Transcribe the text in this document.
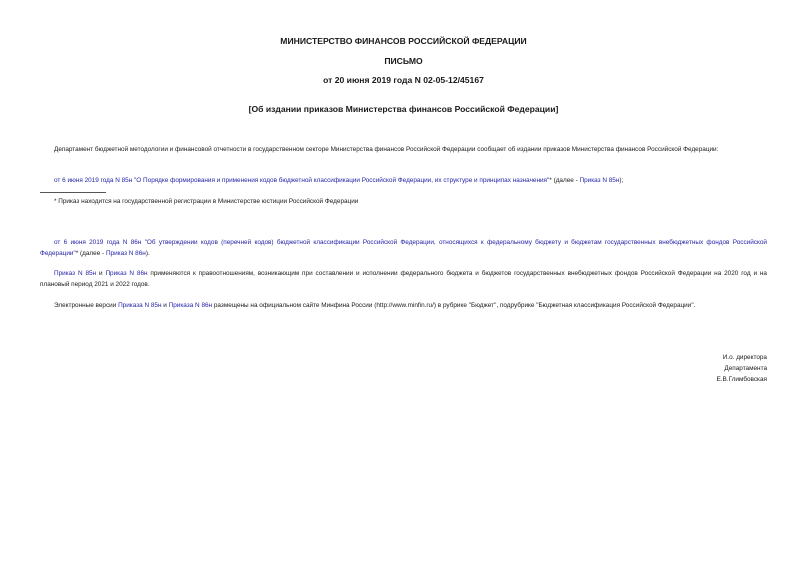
МИНИСТЕРСТВО ФИНАНСОВ РОССИЙСКОЙ ФЕДЕРАЦИИ
ПИСЬМО
от 20 июня 2019 года N 02-05-12/45167
[Об издании приказов Министерства финансов Российской Федерации]
Департамент бюджетной методологии и финансовой отчетности в государственном секторе Министерства финансов Российской Федерации сообщает об издании приказов Министерства финансов Российской Федерации:
от 6 июня 2019 года N 85н "О Порядке формирования и применения кодов бюджетной классификации Российской Федерации, их структуре и принципах назначения"* (далее - Приказ N 85н);
* Приказ находится на государственной регистрации в Министерстве юстиции Российской Федерации
от 6 июня 2019 года N 86н "Об утверждении кодов (перечней кодов) бюджетной классификации Российской Федерации, относящихся к федеральному бюджету и бюджетам государственных внебюджетных фондов Российской Федерации"* (далее - Приказ N 86н).
Приказ N 85н и Приказ N 86н применяются к правоотношениям, возникающим при составлении и исполнении федерального бюджета и бюджетов государственных внебюджетных фондов Российской Федерации на 2020 год и на плановый период 2021 и 2022 годов.
Электронные версии Приказа N 85н и Приказа N 86н размещены на официальном сайте Минфина России (http://www.minfin.ru/) в рубрике "Бюджет", подрубрике "Бюджетная классификация Российской Федерации".
И.о. директора
Департамента
Е.В.Глимбовская
